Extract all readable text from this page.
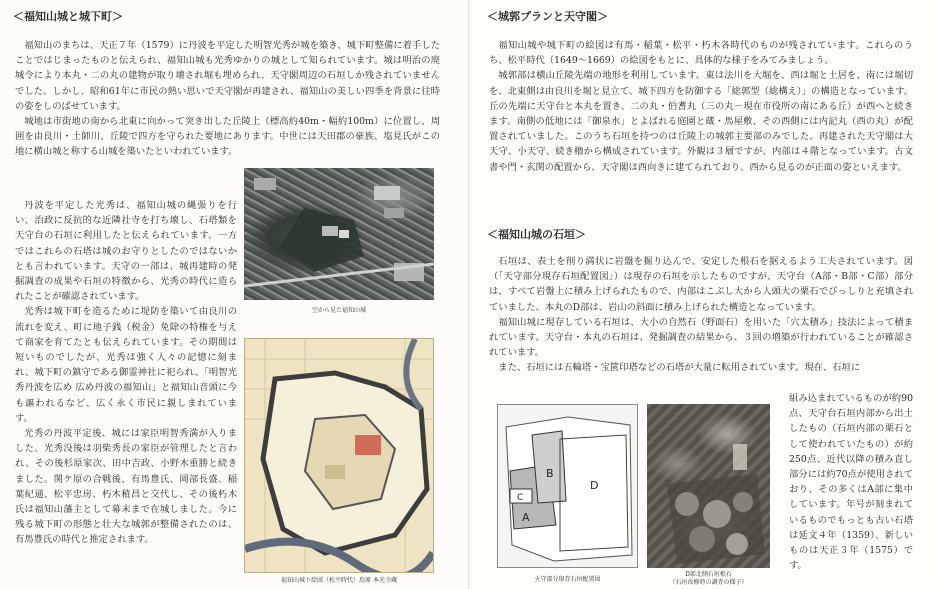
＜福知山城と城下町＞

福知山のまちは、天正７年（1579）に丹波を平定した明智光秀が城を築き、城下町整備に着手したことではじまったものと伝えられ、福知山城も光秀ゆかりの城として知られています。城は明治の廃城令により本丸・二の丸の建物が取り壊され堀も埋められ、天守閣周辺の石垣しか残されていませんでした。しかし、昭和61年に市民の熱い思いで天守閣が再建され、福知山の美しい四季を背景に往時の姿をしのばせています。

城地は市街地の南から北東に向かって突き出した丘陵上（標高約40m・幅約100m）に位置し、周囲を由良川・土師川、丘陵で四方を守られた要地にあります。中世には天田郡の豪族、塩見氏がこの地に横山城と称する山城を築いたといわれています。

丹波を平定した光秀は、福知山城の縄張りを行い、治政に反抗的な近隣社寺を打ち壊し、石塔類を天守台の石垣に利用したと伝えられています。一方ではこれらの石塔は城のお守りとしたのではないかとも言われています。天守の一部は、城再建時の発掘調査の成果や石垣の特徴から、光秀の時代に造られたことが確認されています。

光秀は城下町を造るために堤防を築いて由良川の流れを変え、町に地子銭（税金）免除の特権を与えて商家を育てたとも伝えられています。その期間は短いものでしたが、光秀は強く人々の記憶に刻まれ、城下町の鎮守である御霊神社に祀られ、「明智光秀丹波を広め 広め丹波の福知山」と福知山音頭に今も謳われるなど、広く永く市民に親しまれています。

光秀の丹波平定後、城には家臣明智秀満が入りました。光秀没後は羽柴秀長の家臣が管理したと言われ、その後杉原家次、田中吉政、小野木重勝と続きました。関ケ原の合戦後、有馬豊氏、岡部長盛、稲葉紀通、松平忠房、朽木稙昌と交代し、その後朽木氏は福知山藩主として幕末まで在城しました。今に残る城下町の形態と壮大な城郭が整備されたのは、有馬豊氏の時代と推定されます。

空から見た福知山城
福知山城下絵図（松平時代）島原 本光寺蔵
＜城郭プランと天守閣＞

福知山城や城下町の絵図は有馬・稲葉・松平・朽木各時代のものが残されています。これらのうち、松平時代（1649～1669）の絵図をもとに、具体的な様子をみてみましょう。

城郭部は横山丘陵先端の地形を利用しています。東は法川を大堀を、西は堀と土居を、南には堀切を、北東側は由良川を堀と見立て、城下四方を防御する「総郭型（総構え）」の構造となっています。丘の先端に天守台と本丸を置き、二の丸・伯耆丸（三の丸－現在市役所の南にある丘）が西へと続きます。南側の低地には「御泉水」とよばれる庭園と蔵・馬屋敷、その西側には内記丸（西の丸）が配置されていました。このうち石垣を持つのは丘陵上の城郭主要部のみでした。再建された天守閣は大天守、小天守、続き櫓から構成されています。外観は３層ですが、内部は４階となっています。古文書や門・玄関の配置から、天守閣は西向きに建てられており、西から見るのが正面の姿といえます。

＜福知山城の石垣＞

石垣は、表土を削り満状に岩盤を掘り込んで、安定した根石を据えるよう工夫されています。図（「天守部分現存石垣配置図」）は現存の石垣を示したものですが、天守台（A部・B部・C部）部分は、すべて岩盤上に積み上げられたもので、内部はこぶし大から人頭大の栗石でびっしりと充填されていました。本丸のD部は、岩山の斜面に積み上げられた構造となっています。

福知山城に現存している石垣は、大小の自然石（野面石）を用いた「穴太積み」技法によって積まれています。天守台・本丸の石垣は、発掘調査の結果から、３回の増築が行われていることが確認されています。

また、石垣には五輪塔・宝篋印塔などの石塔が大量に転用されています。現在、石垣に

組み込まれているものが約90点、天守台石垣内部から出土したもの（石垣内部の栗石として使われていたもの）が約250点、近代以降の積み直し部分には約70点が使用されており、その多くはA部に集中しています。年号が刻まれているものでもっとも古い石塔は延文４年（1359）、新しいものは天正３年（1575）です。

A
B
C
D
天守部分現存石垣配置図
D部北側石垣根石
（石垣改修時の調査の様子）
